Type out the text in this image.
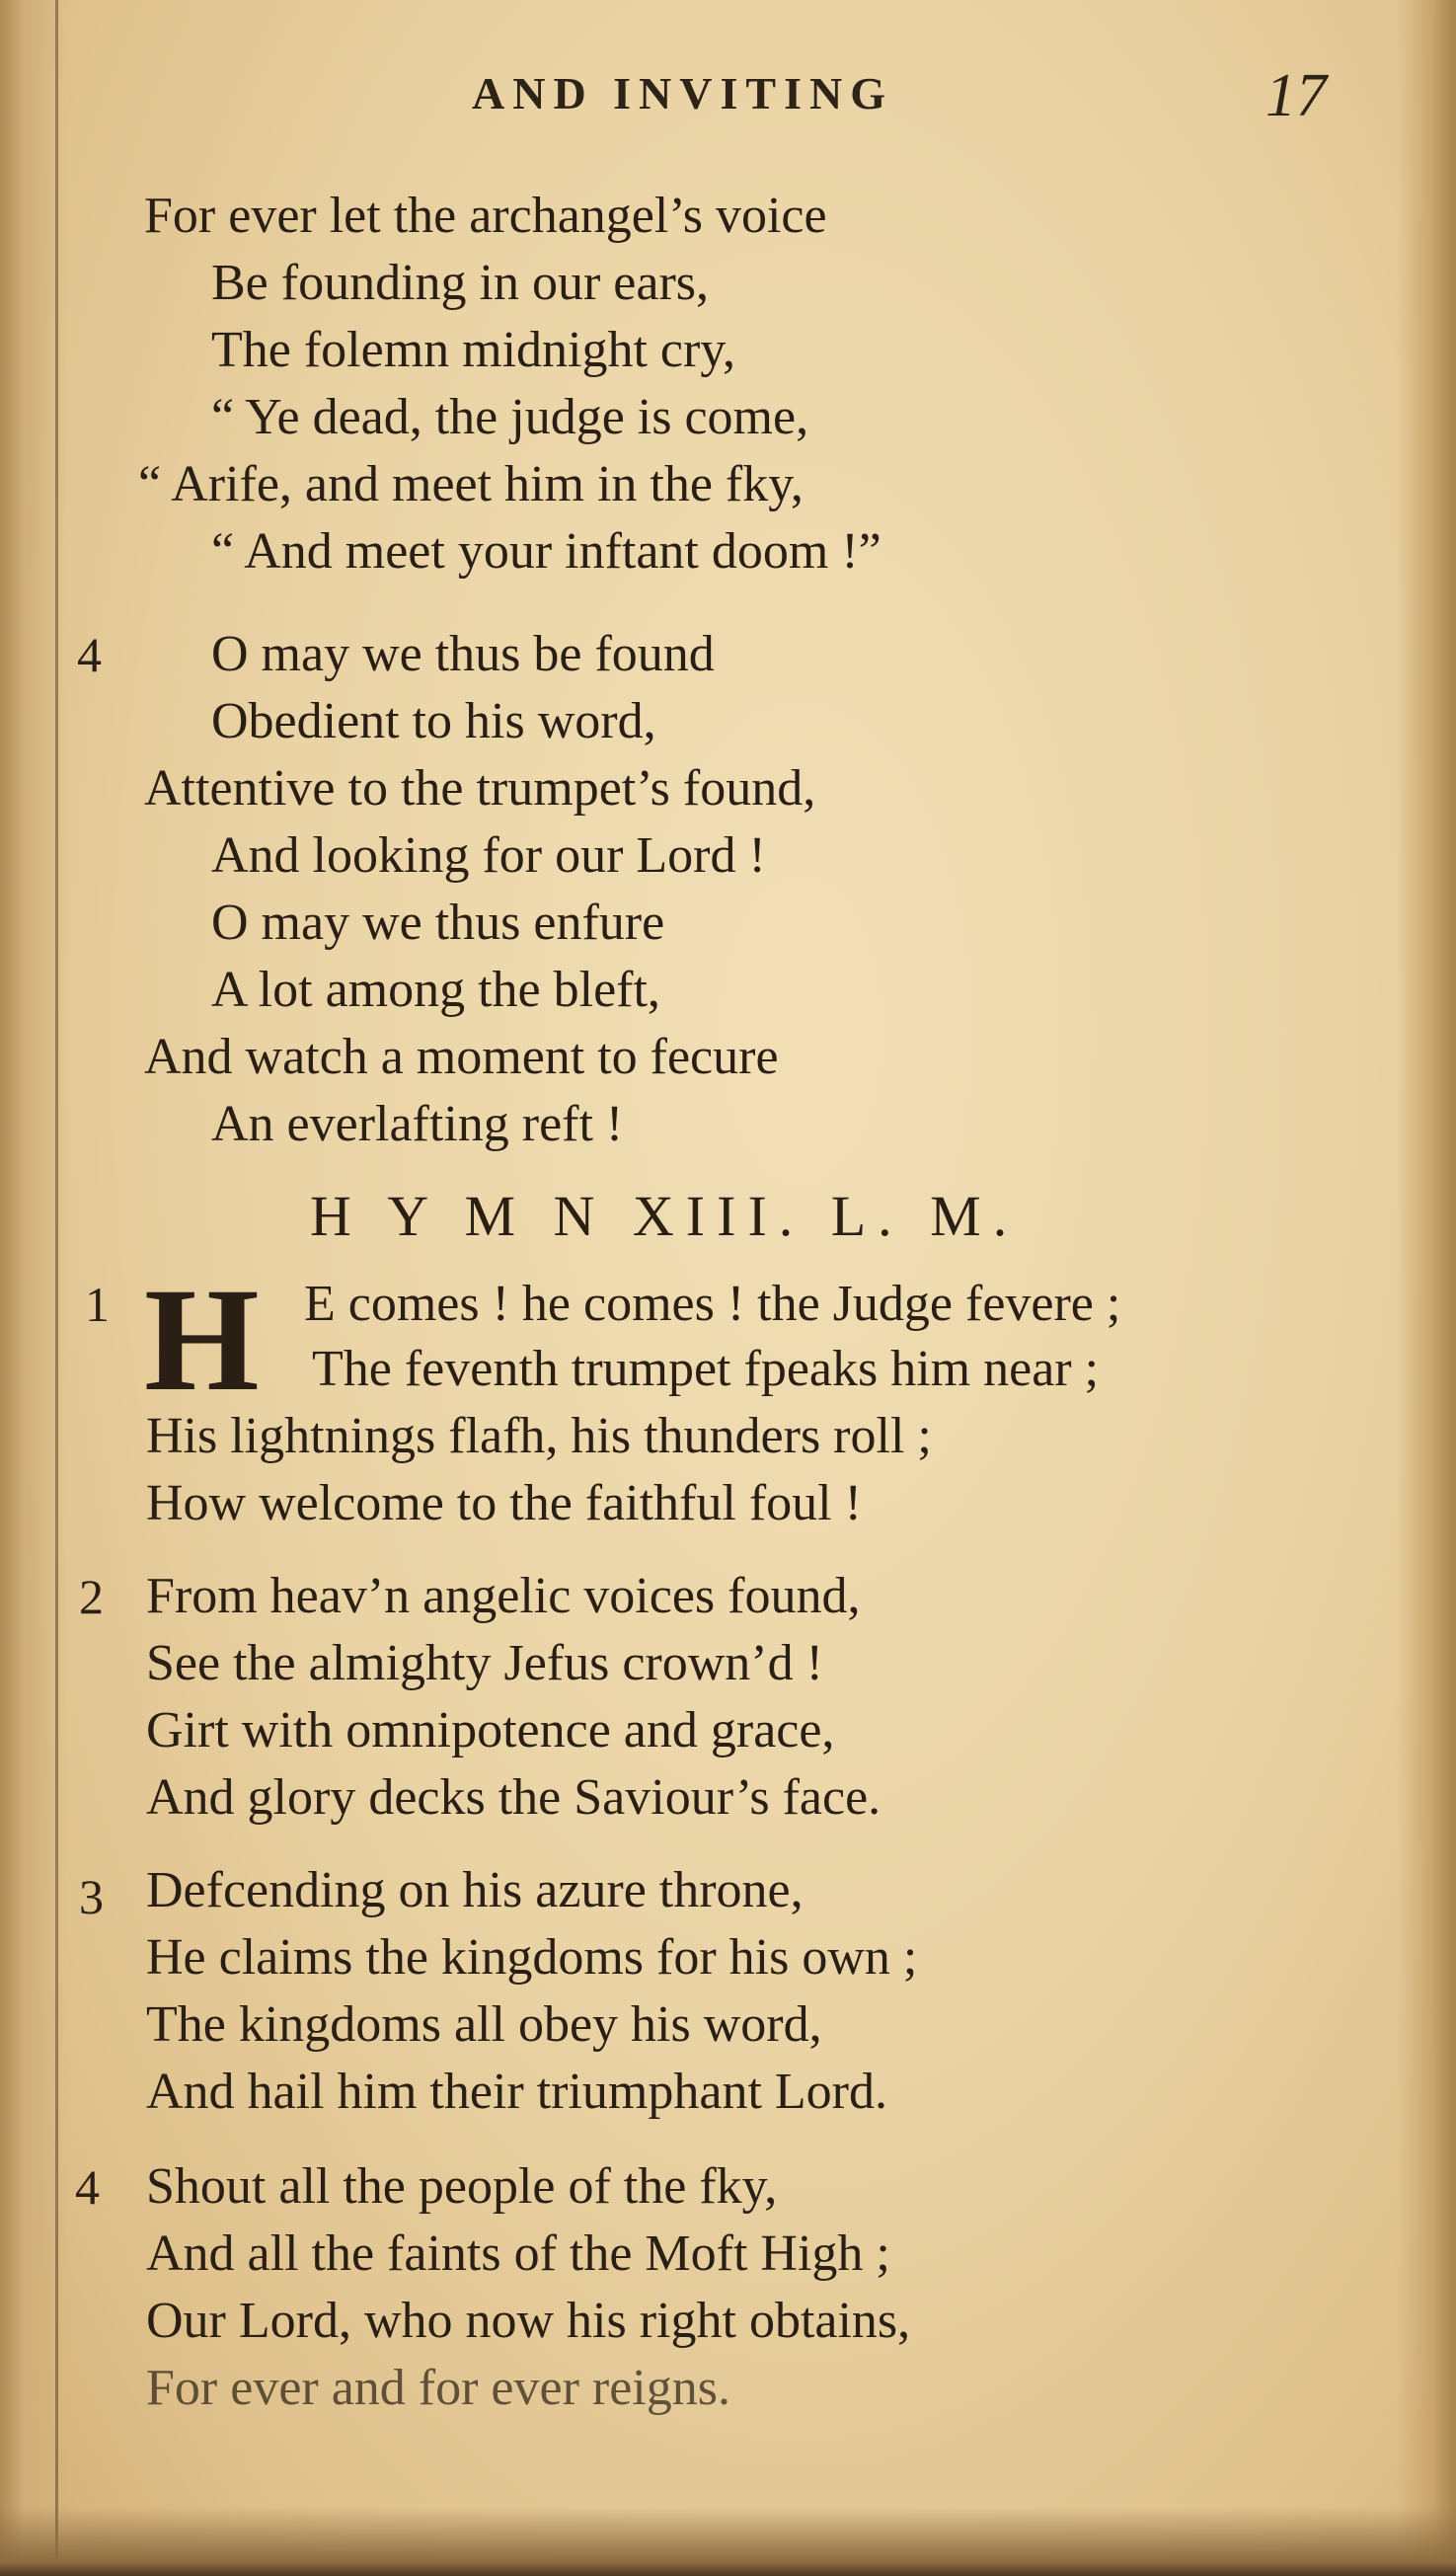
AND INVITING	17
For ever let the archangel’s voice
Be founding in our ears,
The folemn midnight cry,
“ Ye dead, the judge is come,
“ Arife, and meet him in the fky,
“ And meet your inftant doom !”
4 O may we thus be found
Obedient to his word,
Attentive to the trumpet’s found,
And looking for our Lord !
O may we thus enfure
A lot among the bleft,
And watch a moment to fecure
An everlafting reft !
H Y M N XIII. L. M.
1 H E comes ! he comes ! the Judge fevere ;
The feventh trumpet fpeaks him near ;
His lightnings flafh, his thunders roll ;
How welcome to the faithful foul !
2 From heav’n angelic voices found,
See the almighty Jefus crown’d !
Girt with omnipotence and grace,
And glory decks the Saviour’s face.
3 Defcending on his azure throne,
He claims the kingdoms for his own ;
The kingdoms all obey his word,
And hail him their triumphant Lord.
4 Shout all the people of the fky,
And all the faints of the Moft High ;
Our Lord, who now his right obtains,
For ever and for ever reigns.
